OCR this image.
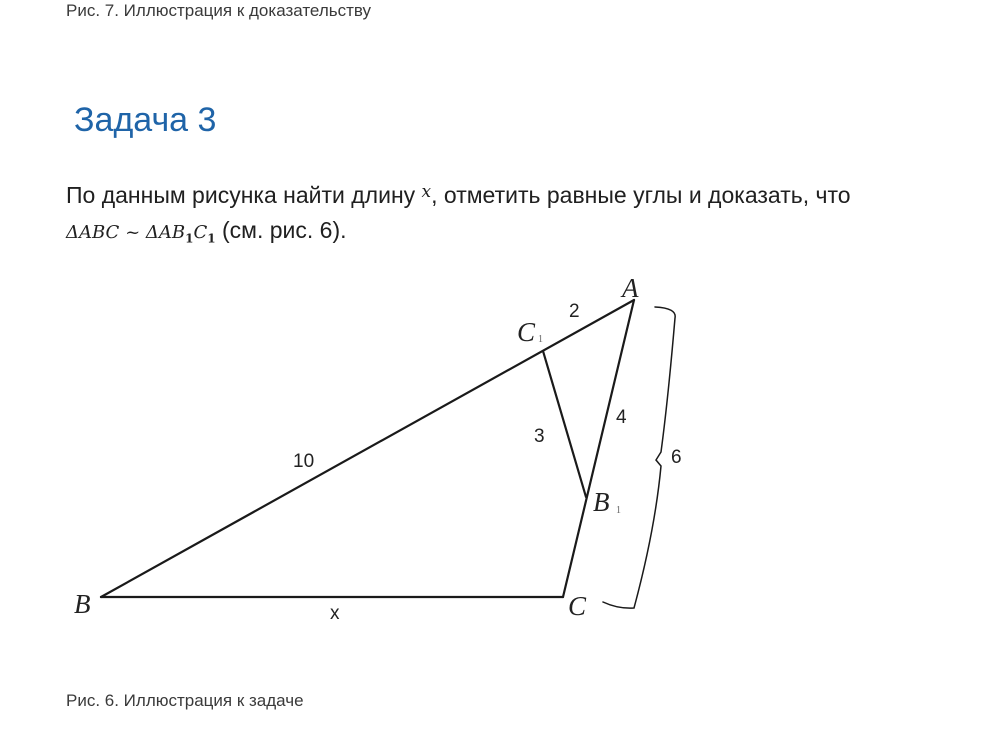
Рис. 7. Иллюстрация к доказательству
Задача 3
По данным рисунка найти длину $^x$, отметить равные углы и доказать, что
ΔABC ~ $\Delta AB_1C_1$ (см. рис. 6).
A
B	C
C 1
B 1
2
10
3
4
6
x
Рис. 6. Иллюстрация к задаче
